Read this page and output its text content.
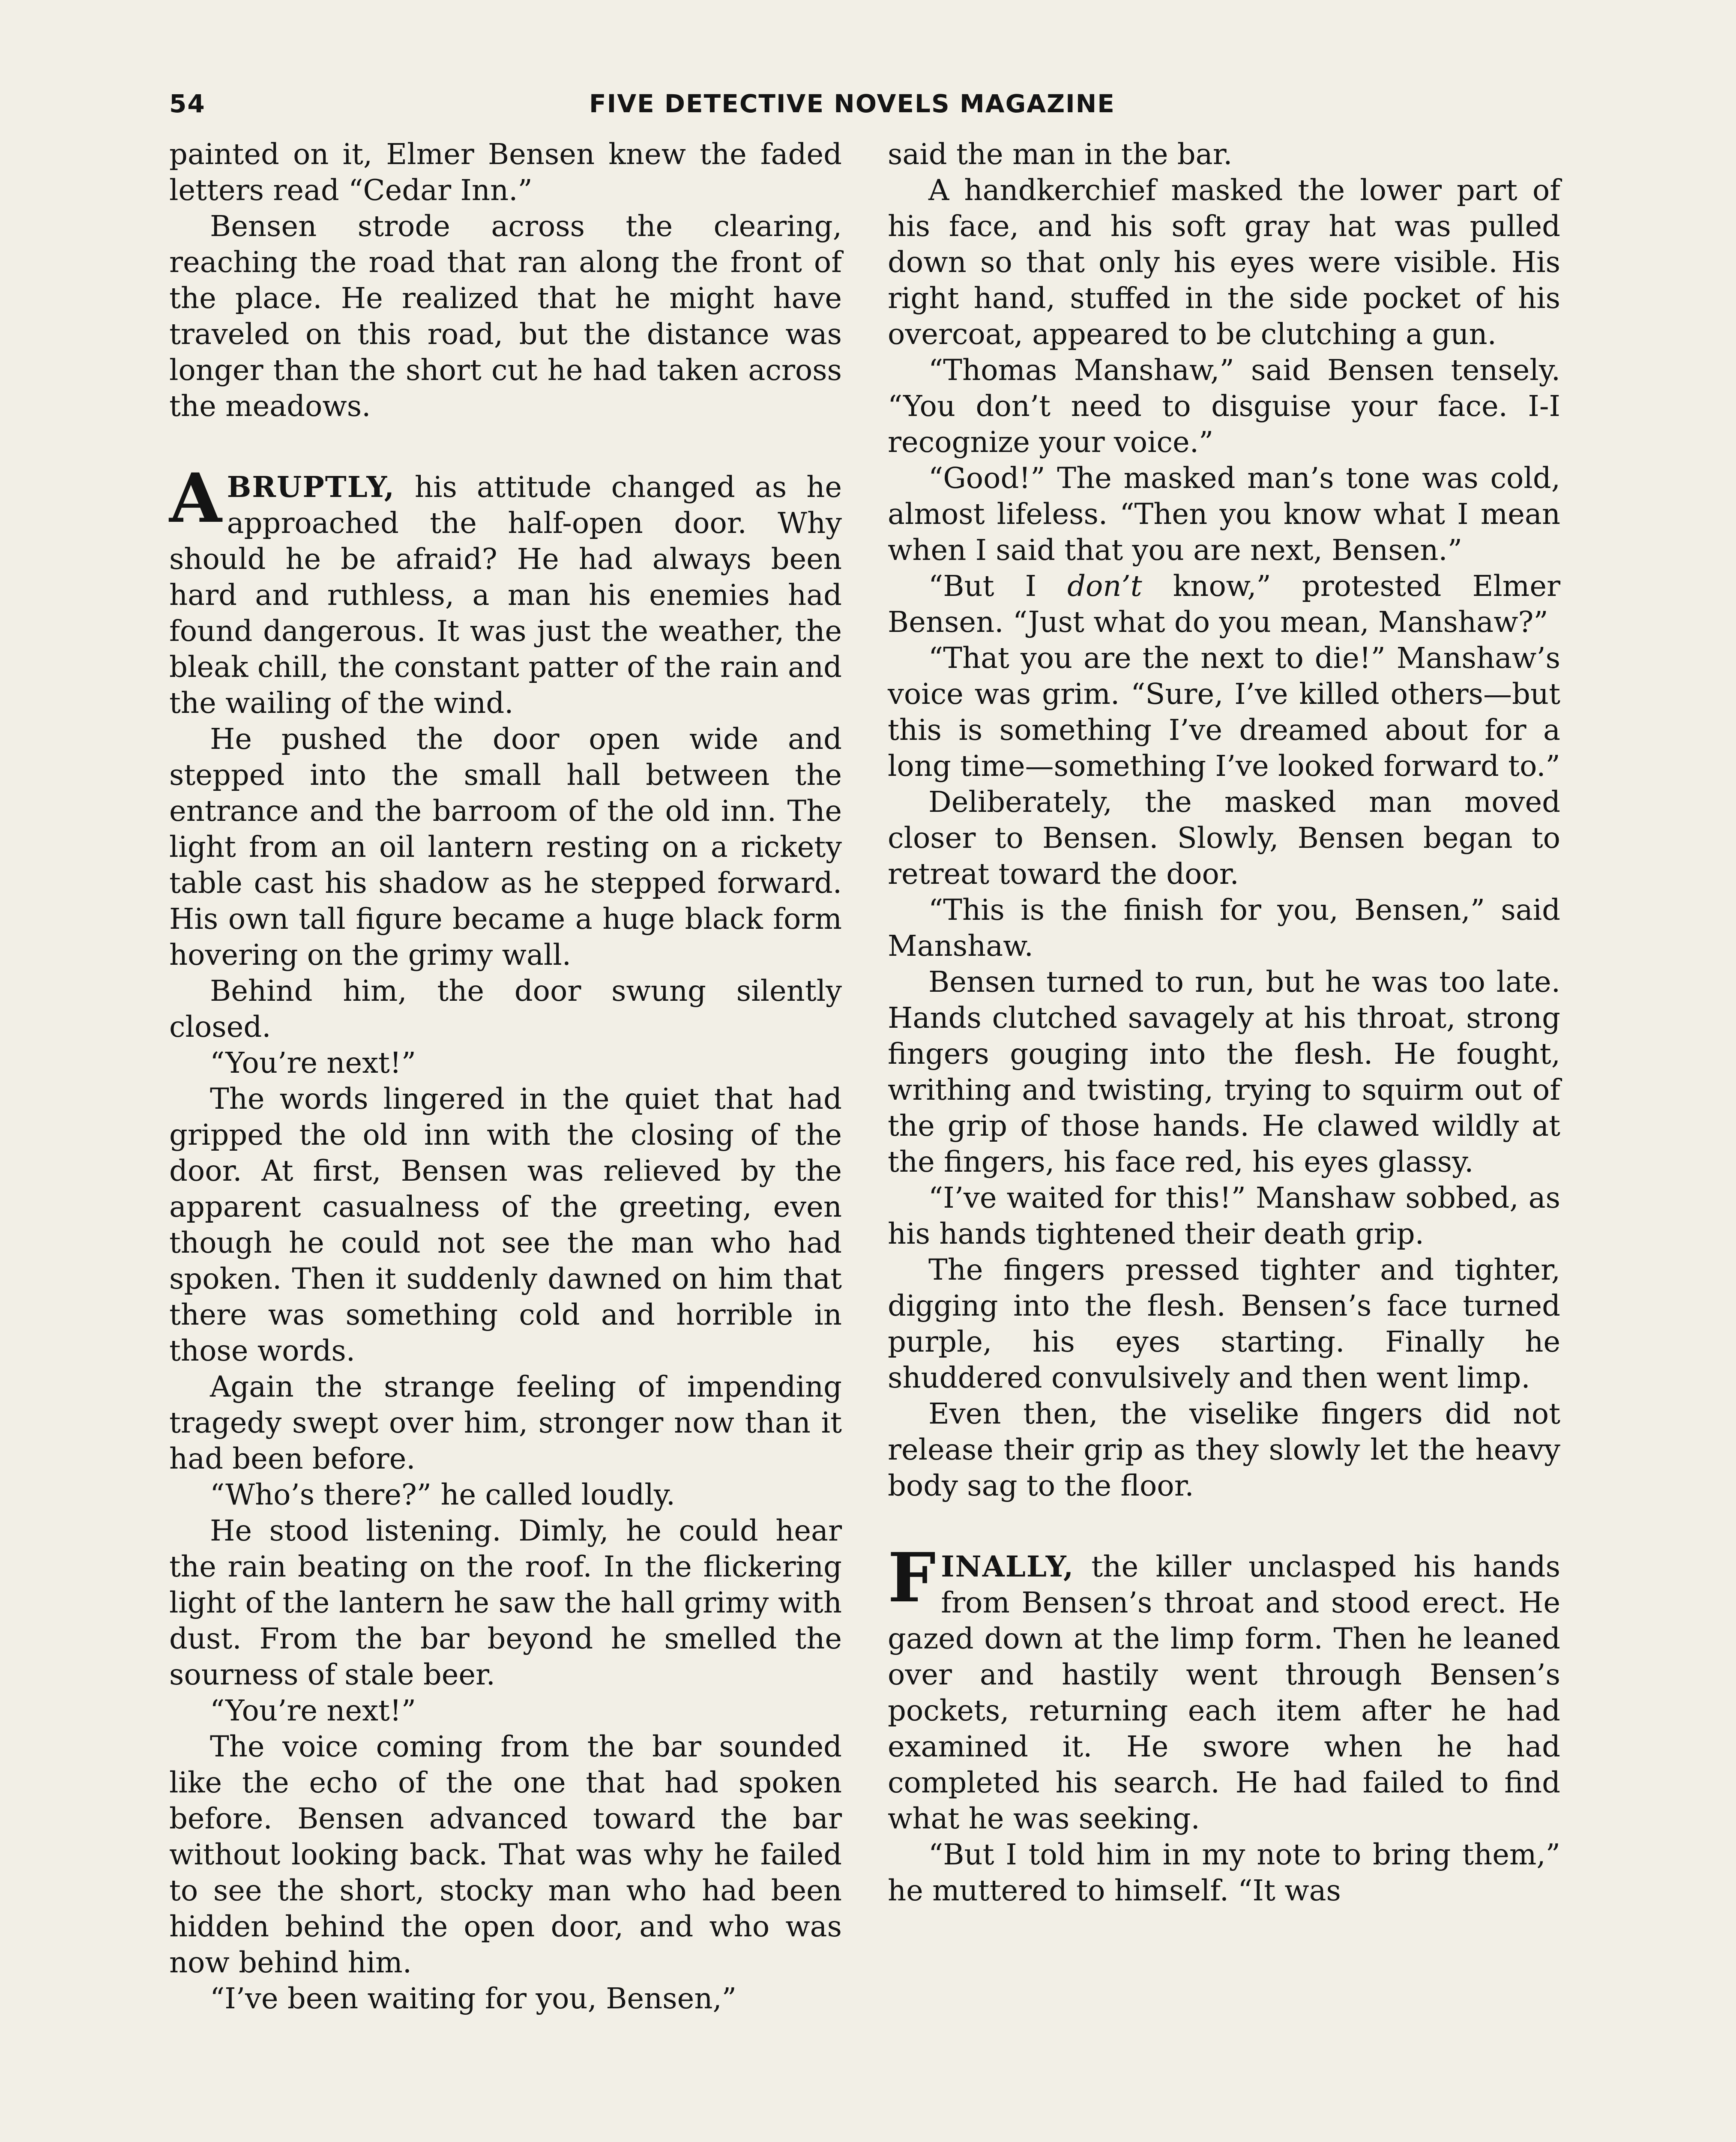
54	FIVE DETECTIVE NOVELS MAGAZINE

painted on it, Elmer Bensen knew the faded letters read “Cedar Inn.”

Bensen strode across the clearing, reaching the road that ran along the front of the place. He realized that he might have traveled on this road, but the distance was longer than the short cut he had taken across the meadows.

ABRUPTLY, his attitude changed as he approached the half-open door. Why should he be afraid? He had always been hard and ruthless, a man his enemies had found dangerous. It was just the weather, the bleak chill, the constant patter of the rain and the wailing of the wind.

He pushed the door open wide and stepped into the small hall between the entrance and the barroom of the old inn. The light from an oil lantern resting on a rickety table cast his shadow as he stepped forward. His own tall figure became a huge black form hovering on the grimy wall.

Behind him, the door swung silently closed.

“You’re next!”

The words lingered in the quiet that had gripped the old inn with the closing of the door. At first, Bensen was relieved by the apparent casualness of the greeting, even though he could not see the man who had spoken. Then it suddenly dawned on him that there was something cold and horrible in those words.

Again the strange feeling of impending tragedy swept over him, stronger now than it had been before.

“Who’s there?” he called loudly.

He stood listening. Dimly, he could hear the rain beating on the roof. In the flickering light of the lantern he saw the hall grimy with dust. From the bar beyond he smelled the sourness of stale beer.

“You’re next!”

The voice coming from the bar sounded like the echo of the one that had spoken before. Bensen advanced toward the bar without looking back. That was why he failed to see the short, stocky man who had been hidden behind the open door, and who was now behind him.

“I’ve been waiting for you, Bensen,”

said the man in the bar.

A handkerchief masked the lower part of his face, and his soft gray hat was pulled down so that only his eyes were visible. His right hand, stuffed in the side pocket of his overcoat, appeared to be clutching a gun.

“Thomas Manshaw,” said Bensen tensely. “You don’t need to disguise your face. I-I recognize your voice.”

“Good!” The masked man’s tone was cold, almost lifeless. “Then you know what I mean when I said that you are next, Bensen.”

“But I don’t know,” protested Elmer Bensen. “Just what do you mean, Manshaw?”

“That you are the next to die!” Manshaw’s voice was grim. “Sure, I’ve killed others—but this is something I’ve dreamed about for a long time—something I’ve looked forward to.”

Deliberately, the masked man moved closer to Bensen. Slowly, Bensen began to retreat toward the door.

“This is the finish for you, Bensen,” said Manshaw.

Bensen turned to run, but he was too late. Hands clutched savagely at his throat, strong fingers gouging into the flesh. He fought, writhing and twisting, trying to squirm out of the grip of those hands. He clawed wildly at the fingers, his face red, his eyes glassy.

“I’ve waited for this!” Manshaw sobbed, as his hands tightened their death grip.

The fingers pressed tighter and tighter, digging into the flesh. Bensen’s face turned purple, his eyes starting. Finally he shuddered convulsively and then went limp.

Even then, the viselike fingers did not release their grip as they slowly let the heavy body sag to the floor.

FINALLY, the killer unclasped his hands from Bensen’s throat and stood erect. He gazed down at the limp form. Then he leaned over and hastily went through Bensen’s pockets, returning each item after he had examined it. He swore when he had completed his search. He had failed to find what he was seeking.

“But I told him in my note to bring them,” he muttered to himself. “It was
